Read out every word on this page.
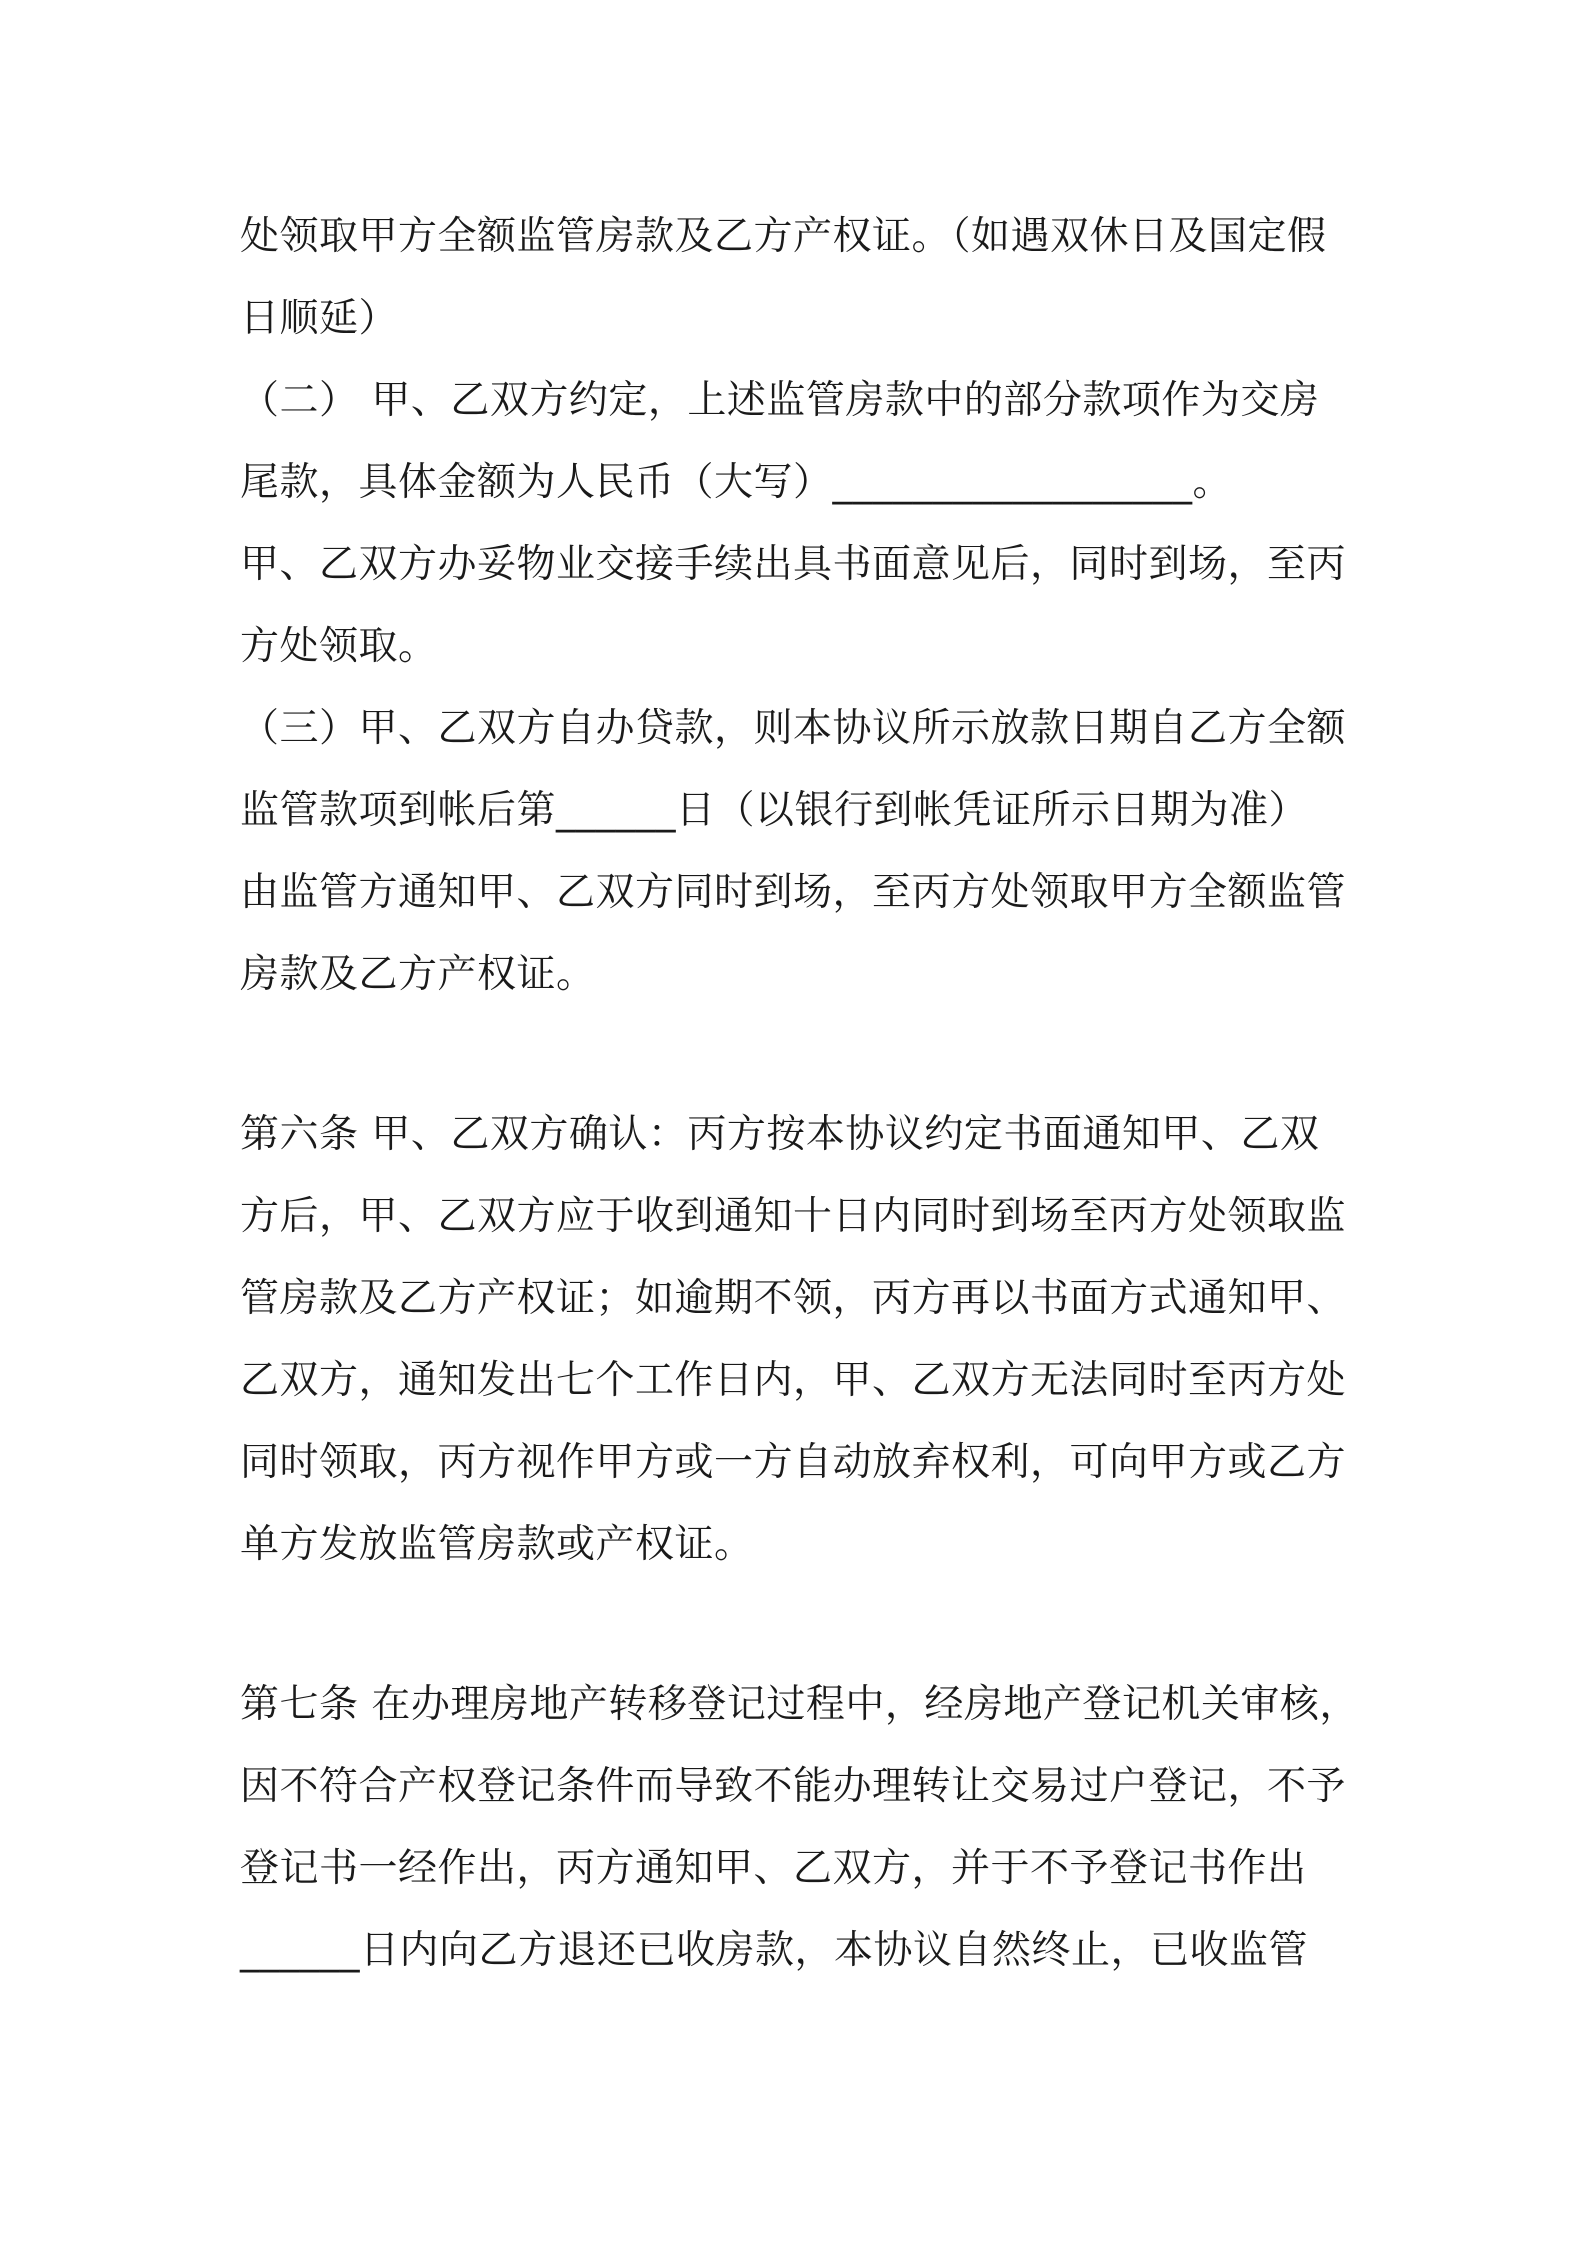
处领取甲方全额监管房款及乙方产权证。（如遇双休日及国定假
日顺延）
（二） 甲、乙双方约定，上述监管房款中的部分款项作为交房
尾款，具体金额为人民币（大写）__________________。
甲、乙双方办妥物业交接手续出具书面意见后，同时到场，至丙
方处领取。
（三）甲、乙双方自办贷款，则本协议所示放款日期自乙方全额
监管款项到帐后第______日（以银行到帐凭证所示日期为准）
由监管方通知甲、乙双方同时到场，至丙方处领取甲方全额监管
房款及乙方产权证。
第六条 甲、乙双方确认：丙方按本协议约定书面通知甲、乙双
方后，甲、乙双方应于收到通知十日内同时到场至丙方处领取监
管房款及乙方产权证；如逾期不领，丙方再以书面方式通知甲、
乙双方，通知发出七个工作日内，甲、乙双方无法同时至丙方处
同时领取，丙方视作甲方或一方自动放弃权利，可向甲方或乙方
单方发放监管房款或产权证。
第七条 在办理房地产转移登记过程中，经房地产登记机关审核，
因不符合产权登记条件而导致不能办理转让交易过户登记，不予
登记书一经作出，丙方通知甲、乙双方，并于不予登记书作出
______日内向乙方退还已收房款，本协议自然终止，已收监管
